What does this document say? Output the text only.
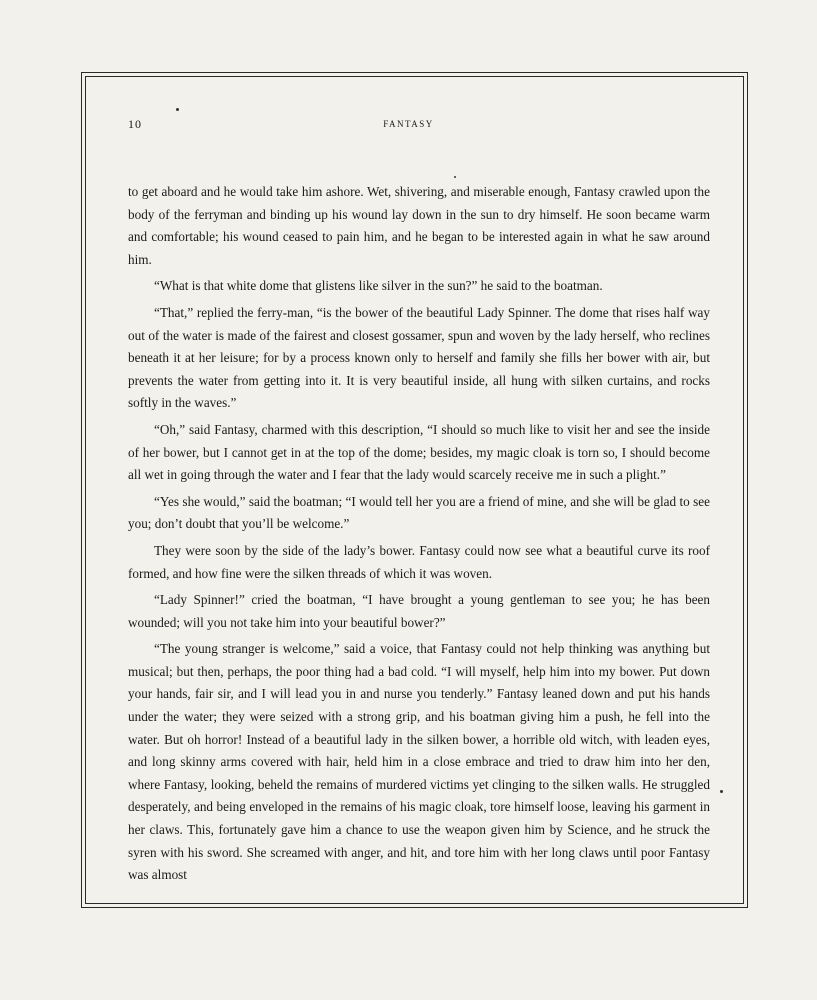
10	FANTASY

to get aboard and he would take him ashore. Wet, shivering, and miserable enough, Fantasy crawled upon the body of the ferryman and binding up his wound lay down in the sun to dry himself. He soon became warm and comfortable; his wound ceased to pain him, and he began to be interested again in what he saw around him.

“What is that white dome that glistens like silver in the sun?” he said to the boatman.

“That,” replied the ferry-man, “is the bower of the beautiful Lady Spinner. The dome that rises half way out of the water is made of the fairest and closest gossamer, spun and woven by the lady herself, who reclines beneath it at her leisure; for by a process known only to herself and family she fills her bower with air, but prevents the water from getting into it. It is very beautiful inside, all hung with silken curtains, and rocks softly in the waves.”

“Oh,” said Fantasy, charmed with this description, “I should so much like to visit her and see the inside of her bower, but I cannot get in at the top of the dome; besides, my magic cloak is torn so, I should become all wet in going through the water and I fear that the lady would scarcely receive me in such a plight.”

“Yes she would,” said the boatman; “I would tell her you are a friend of mine, and she will be glad to see you; don’t doubt that you’ll be welcome.”

They were soon by the side of the lady’s bower. Fantasy could now see what a beautiful curve its roof formed, and how fine were the silken threads of which it was woven.

“Lady Spinner!” cried the boatman, “I have brought a young gentleman to see you; he has been wounded; will you not take him into your beautiful bower?”

“The young stranger is welcome,” said a voice, that Fantasy could not help thinking was anything but musical; but then, perhaps, the poor thing had a bad cold. “I will myself, help him into my bower. Put down your hands, fair sir, and I will lead you in and nurse you tenderly.” Fantasy leaned down and put his hands under the water; they were seized with a strong grip, and his boatman giving him a push, he fell into the water. But oh horror! Instead of a beautiful lady in the silken bower, a horrible old witch, with leaden eyes, and long skinny arms covered with hair, held him in a close embrace and tried to draw him into her den, where Fantasy, looking, beheld the remains of murdered victims yet clinging to the silken walls. He struggled desperately, and being enveloped in the remains of his magic cloak, tore himself loose, leaving his garment in her claws. This, fortunately gave him a chance to use the weapon given him by Science, and he struck the syren with his sword. She screamed with anger, and hit, and tore him with her long claws until poor Fantasy was almost
